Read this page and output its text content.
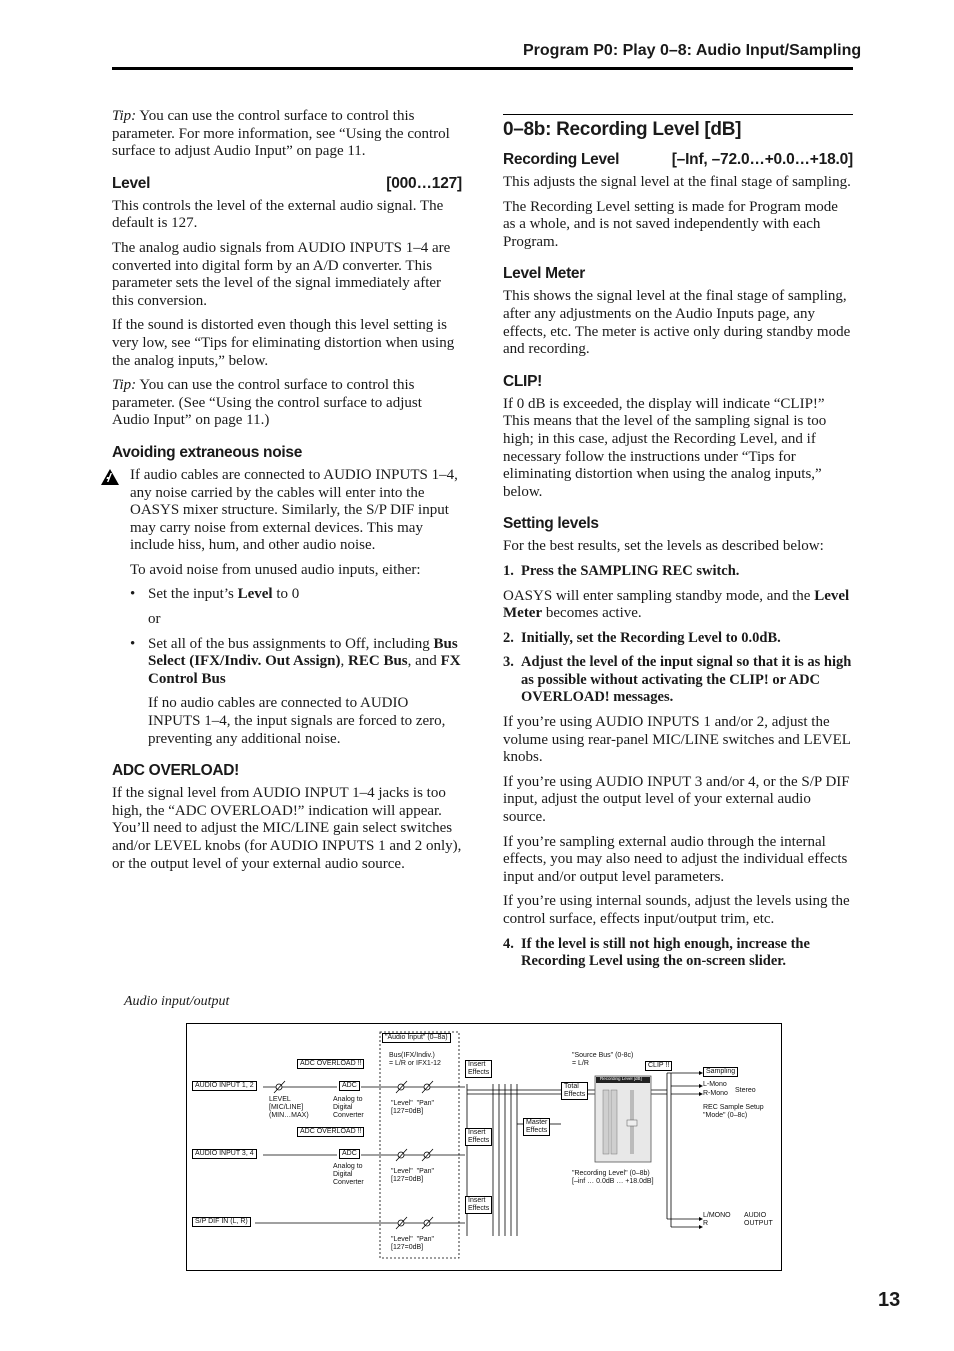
Program P0: Play 0–8: Audio Input/Sampling

Tip: You can use the control surface to control this parameter. For more information, see “Using the control surface to adjust Audio Input” on page 11.

Level	[000…127]

This controls the level of the external audio signal. The default is 127.

The analog audio signals from AUDIO INPUTS 1–4 are converted into digital form by an A/D converter. This parameter sets the level of the signal immediately after this conversion.

If the sound is distorted even though this level setting is very low, see “Tips for eliminating distortion when using the analog inputs,” below.

Tip: You can use the control surface to control this parameter. (See “Using the control surface to adjust Audio Input” on page 11.)

Avoiding extraneous noise

If audio cables are connected to AUDIO INPUTS 1–4, any noise carried by the cables will enter into the OASYS mixer structure. Similarly, the S/P DIF input may carry noise from external devices. This may include hiss, hum, and other audio noise.

To avoid noise from unused audio inputs, either:

• Set the input’s Level to 0

or

• Set all of the bus assignments to Off, including Bus Select (IFX/Indiv. Out Assign), REC Bus, and FX Control Bus

If no audio cables are connected to AUDIO INPUTS 1–4, the input signals are forced to zero, preventing any additional noise.

ADC OVERLOAD!

If the signal level from AUDIO INPUT 1–4 jacks is too high, the “ADC OVERLOAD!” indication will appear. You’ll need to adjust the MIC/LINE gain select switches and/or LEVEL knobs (for AUDIO INPUTS 1 and 2 only), or the output level of your external audio source.

0–8b: Recording Level [dB]
Recording Level	[–Inf, –72.0…+0.0…+18.0]

This adjusts the signal level at the final stage of sampling.

The Recording Level setting is made for Program mode as a whole, and is not saved independently with each Program.

Level Meter

This shows the signal level at the final stage of sampling, after any adjustments on the Audio Inputs page, any effects, etc. The meter is active only during standby mode and recording.

CLIP!

If 0 dB is exceeded, the display will indicate “CLIP!” This means that the level of the sampling signal is too high; in this case, adjust the Recording Level, and if necessary follow the instructions under “Tips for eliminating distortion when using the analog inputs,” below.

Setting levels

For the best results, set the levels as described below:

1. Press the SAMPLING REC switch.

OASYS will enter sampling standby mode, and the Level Meter becomes active.

2. Initially, set the Recording Level to 0.0dB.
3. Adjust the level of the input signal so that it is as high as possible without activating the CLIP! or ADC OVERLOAD! messages.

If you’re using AUDIO INPUTS 1 and/or 2, adjust the volume using rear-panel MIC/LINE switches and LEVEL knobs.

If you’re using AUDIO INPUT 3 and/or 4, or the S/P DIF input, adjust the output level of your external audio source.

If you’re sampling external audio through the internal effects, you may also need to adjust the individual effects input and/or output level parameters.

If you’re using internal sounds, adjust the levels using the control surface, effects input/output trim, etc.

4. If the level is still not high enough, increase the Recording Level using the on-screen slider.
Audio input/output
Recording Level [dB]
"Audio Input" (0–8a)
Bus(IFX/Indiv.)
= L/R or IFX1-12
ADC OVERLOAD !!
ADC OVERLOAD !!
AUDIO INPUT 1, 2
AUDIO INPUT 3, 4
S/P DIF IN (L, R)
ADC
ADC
Analog to
Digital
Converter
Analog to
Digital
Converter
LEVEL
[MIC/LINE]
(MIN…MAX)
"Level"  "Pan"
[127=0dB]
"Level"  "Pan"
[127=0dB]
"Level"  "Pan"
[127=0dB]
Insert
Effects
Insert
Effects
Insert
Effects
Master
Effects
Total
Effects
"Source Bus" (0-8c)
= L/R	CLIP !!
"Recording Level" (0–8b)
[–inf … 0.0dB … +18.0dB]
Sampling
L-Mono
R-Mono Stereo
REC Sample Setup
"Mode" (0–8c)
L/MONO
R
AUDIO
OUTPUT
13
